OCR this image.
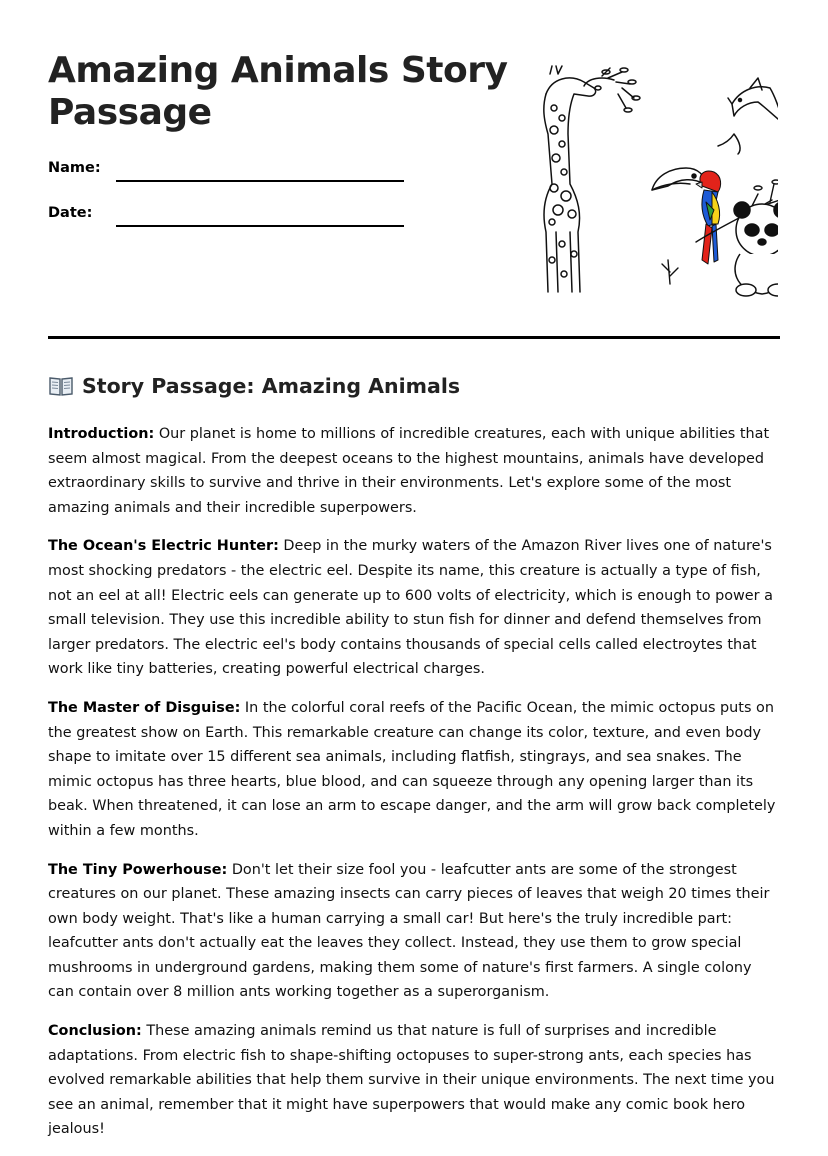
Amazing Animals Story Passage
Name:
Date:
Story Passage: Amazing Animals

Introduction: Our planet is home to millions of incredible creatures, each with unique abilities that seem almost magical. From the deepest oceans to the highest mountains, animals have developed extraordinary skills to survive and thrive in their environments. Let's explore some of the most amazing animals and their incredible superpowers.

The Ocean's Electric Hunter: Deep in the murky waters of the Amazon River lives one of nature's most shocking predators - the electric eel. Despite its name, this creature is actually a type of fish, not an eel at all! Electric eels can generate up to 600 volts of electricity, which is enough to power a small television. They use this incredible ability to stun fish for dinner and defend themselves from larger predators. The electric eel's body contains thousands of special cells called electroytes that work like tiny batteries, creating powerful electrical charges.

The Master of Disguise: In the colorful coral reefs of the Pacific Ocean, the mimic octopus puts on the greatest show on Earth. This remarkable creature can change its color, texture, and even body shape to imitate over 15 different sea animals, including flatfish, stingrays, and sea snakes. The mimic octopus has three hearts, blue blood, and can squeeze through any opening larger than its beak. When threatened, it can lose an arm to escape danger, and the arm will grow back completely within a few months.

The Tiny Powerhouse: Don't let their size fool you - leafcutter ants are some of the strongest creatures on our planet. These amazing insects can carry pieces of leaves that weigh 20 times their own body weight. That's like a human carrying a small car! But here's the truly incredible part: leafcutter ants don't actually eat the leaves they collect. Instead, they use them to grow special mushrooms in underground gardens, making them some of nature's first farmers. A single colony can contain over 8 million ants working together as a superorganism.

Conclusion: These amazing animals remind us that nature is full of surprises and incredible adaptations. From electric fish to shape-shifting octopuses to super-strong ants, each species has evolved remarkable abilities that help them survive in their unique environments. The next time you see an animal, remember that it might have superpowers that would make any comic book hero jealous!
